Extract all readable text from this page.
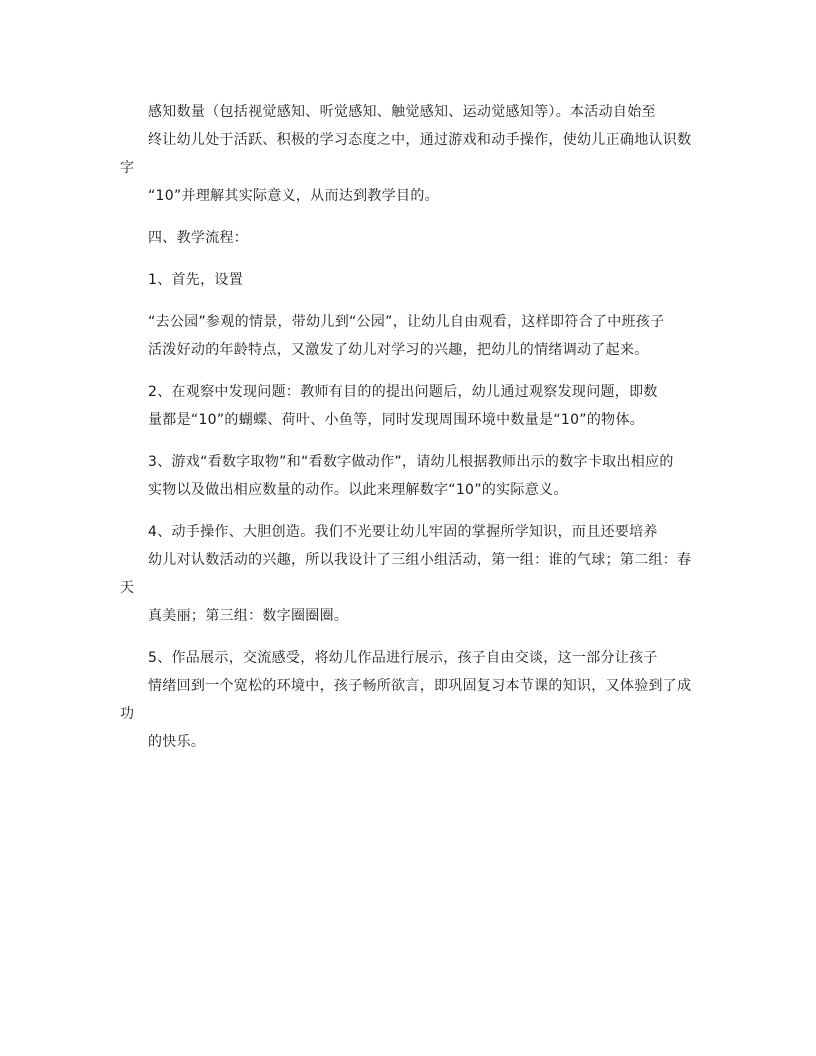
感知数量（包括视觉感知、听觉感知、触觉感知、运动觉感知等）。本活动自始至
终让幼儿处于活跃、积极的学习态度之中，通过游戏和动手操作，使幼儿正确地认识数字
“10”并理解其实际意义，从而达到教学目的。

四、教学流程：

1、首先，设置

“去公园”参观的情景，带幼儿到“公园”，让幼儿自由观看，这样即符合了中班孩子
活泼好动的年龄特点，又激发了幼儿对学习的兴趣，把幼儿的情绪调动了起来。

2、在观察中发现问题：教师有目的的提出问题后，幼儿通过观察发现问题，即数
量都是“10”的蝴蝶、荷叶、小鱼等，同时发现周围环境中数量是“10”的物体。

3、游戏“看数字取物”和“看数字做动作”，请幼儿根据教师出示的数字卡取出相应的
实物以及做出相应数量的动作。以此来理解数字“10”的实际意义。

4、动手操作、大胆创造。我们不光要让幼儿牢固的掌握所学知识，而且还要培养
幼儿对认数活动的兴趣，所以我设计了三组小组活动，第一组：谁的气球；第二组：春天
真美丽；第三组：数字圈圈圈。

5、作品展示，交流感受，将幼儿作品进行展示，孩子自由交谈，这一部分让孩子
情绪回到一个宽松的环境中，孩子畅所欲言，即巩固复习本节课的知识，又体验到了成功
的快乐。
